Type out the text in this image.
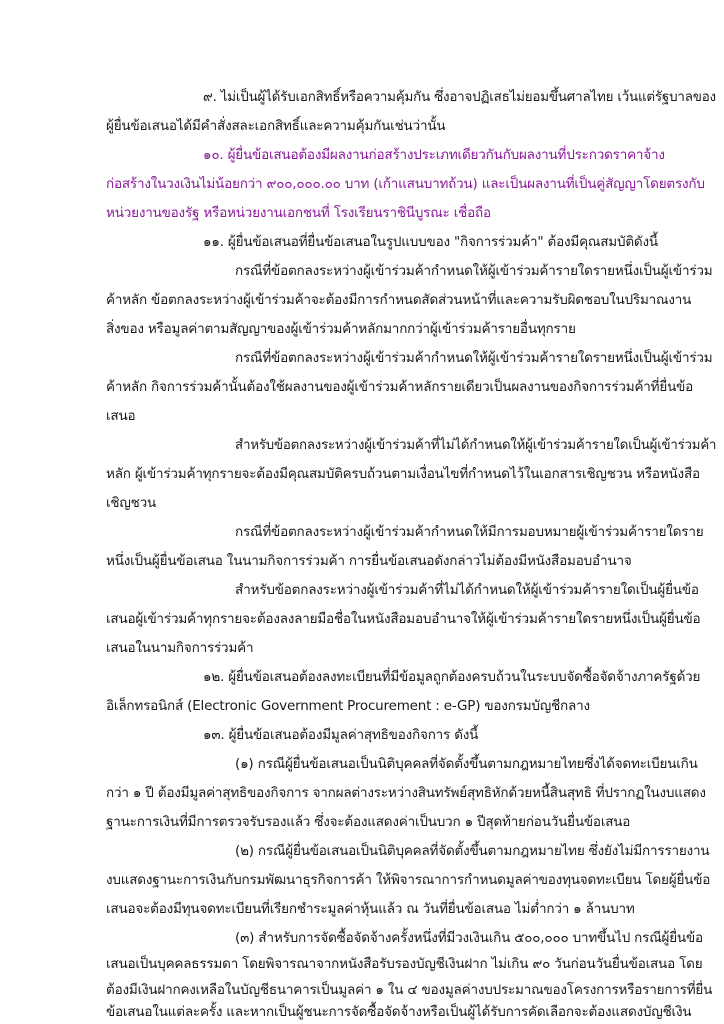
๙. ไม่เป็นผู้ได้รับเอกสิทธิ์หรือความคุ้มกัน ซึ่งอาจปฏิเสธไม่ยอมขึ้นศาลไทย เว้นแต่รัฐบาลของ
ผู้ยื่นข้อเสนอได้มีคำสั่งสละเอกสิทธิ์และความคุ้มกันเช่นว่านั้น
๑๐. ผู้ยื่นข้อเสนอต้องมีผลงานก่อสร้างประเภทเดียวกันกับผลงานที่ประกวดราคาจ้าง
ก่อสร้างในวงเงินไม่น้อยกว่า ๙๐๐,๐๐๐.๐๐ บาท (เก้าแสนบาทถ้วน) และเป็นผลงานที่เป็นคู่สัญญาโดยตรงกับ
หน่วยงานของรัฐ หรือหน่วยงานเอกชนที่ โรงเรียนราชินีบูรณะ เชื่อถือ
๑๑. ผู้ยื่นข้อเสนอที่ยื่นข้อเสนอในรูปแบบของ "กิจการร่วมค้า" ต้องมีคุณสมบัติดังนี้
กรณีที่ข้อตกลงระหว่างผู้เข้าร่วมค้ากำหนดให้ผู้เข้าร่วมค้ารายใดรายหนึ่งเป็นผู้เข้าร่วม
ค้าหลัก ข้อตกลงระหว่างผู้เข้าร่วมค้าจะต้องมีการกำหนดสัดส่วนหน้าที่และความรับผิดชอบในปริมาณงาน
สิ่งของ หรือมูลค่าตามสัญญาของผู้เข้าร่วมค้าหลักมากกว่าผู้เข้าร่วมค้ารายอื่นทุกราย
กรณีที่ข้อตกลงระหว่างผู้เข้าร่วมค้ากำหนดให้ผู้เข้าร่วมค้ารายใดรายหนึ่งเป็นผู้เข้าร่วม
ค้าหลัก กิจการร่วมค้านั้นต้องใช้ผลงานของผู้เข้าร่วมค้าหลักรายเดียวเป็นผลงานของกิจการร่วมค้าที่ยื่นข้อ
เสนอ
สำหรับข้อตกลงระหว่างผู้เข้าร่วมค้าที่ไม่ได้กำหนดให้ผู้เข้าร่วมค้ารายใดเป็นผู้เข้าร่วมค้า
หลัก ผู้เข้าร่วมค้าทุกรายจะต้องมีคุณสมบัติครบถ้วนตามเงื่อนไขที่กำหนดไว้ในเอกสารเชิญชวน หรือหนังสือ
เชิญชวน
กรณีที่ข้อตกลงระหว่างผู้เข้าร่วมค้ากำหนดให้มีการมอบหมายผู้เข้าร่วมค้ารายใดราย
หนึ่งเป็นผู้ยื่นข้อเสนอ ในนามกิจการร่วมค้า การยื่นข้อเสนอดังกล่าวไม่ต้องมีหนังสือมอบอำนาจ
สำหรับข้อตกลงระหว่างผู้เข้าร่วมค้าที่ไม่ได้กำหนดให้ผู้เข้าร่วมค้ารายใดเป็นผู้ยื่นข้อ
เสนอผู้เข้าร่วมค้าทุกรายจะต้องลงลายมือชื่อในหนังสือมอบอำนาจให้ผู้เข้าร่วมค้ารายใดรายหนึ่งเป็นผู้ยื่นข้อ
เสนอในนามกิจการร่วมค้า
๑๒. ผู้ยื่นข้อเสนอต้องลงทะเบียนที่มีข้อมูลถูกต้องครบถ้วนในระบบจัดซื้อจัดจ้างภาครัฐด้วย
อิเล็กทรอนิกส์ (Electronic Government Procurement : e-GP) ของกรมบัญชีกลาง
๑๓. ผู้ยื่นข้อเสนอต้องมีมูลค่าสุทธิของกิจการ ดังนี้
(๑) กรณีผู้ยื่นข้อเสนอเป็นนิติบุคคลที่จัดตั้งขึ้นตามกฎหมายไทยซึ่งได้จดทะเบียนเกิน
กว่า ๑ ปี ต้องมีมูลค่าสุทธิของกิจการ จากผลต่างระหว่างสินทรัพย์สุทธิหักด้วยหนี้สินสุทธิ ที่ปรากฏในงบแสดง
ฐานะการเงินที่มีการตรวจรับรองแล้ว ซึ่งจะต้องแสดงค่าเป็นบวก ๑ ปีสุดท้ายก่อนวันยื่นข้อเสนอ
(๒) กรณีผู้ยื่นข้อเสนอเป็นนิติบุคคลที่จัดตั้งขึ้นตามกฎหมายไทย ซึ่งยังไม่มีการรายงาน
งบแสดงฐานะการเงินกับกรมพัฒนาธุรกิจการค้า ให้พิจารณาการกำหนดมูลค่าของทุนจดทะเบียน โดยผู้ยื่นข้อ
เสนอจะต้องมีทุนจดทะเบียนที่เรียกชำระมูลค่าหุ้นแล้ว ณ วันที่ยื่นข้อเสนอ ไม่ต่ำกว่า ๑ ล้านบาท
(๓) สำหรับการจัดซื้อจัดจ้างครั้งหนึ่งที่มีวงเงินเกิน ๕๐๐,๐๐๐ บาทขึ้นไป กรณีผู้ยื่นข้อ
เสนอเป็นบุคคลธรรมดา โดยพิจารณาจากหนังสือรับรองบัญชีเงินฝาก ไม่เกิน ๙๐ วันก่อนวันยื่นข้อเสนอ โดย
ต้องมีเงินฝากคงเหลือในบัญชีธนาคารเป็นมูลค่า ๑ ใน ๔ ของมูลค่างบประมาณของโครงการหรือรายการที่ยื่น
ข้อเสนอในแต่ละครั้ง และหากเป็นผู้ชนะการจัดซื้อจัดจ้างหรือเป็นผู้ได้รับการคัดเลือกจะต้องแสดงบัญชีเงิน
